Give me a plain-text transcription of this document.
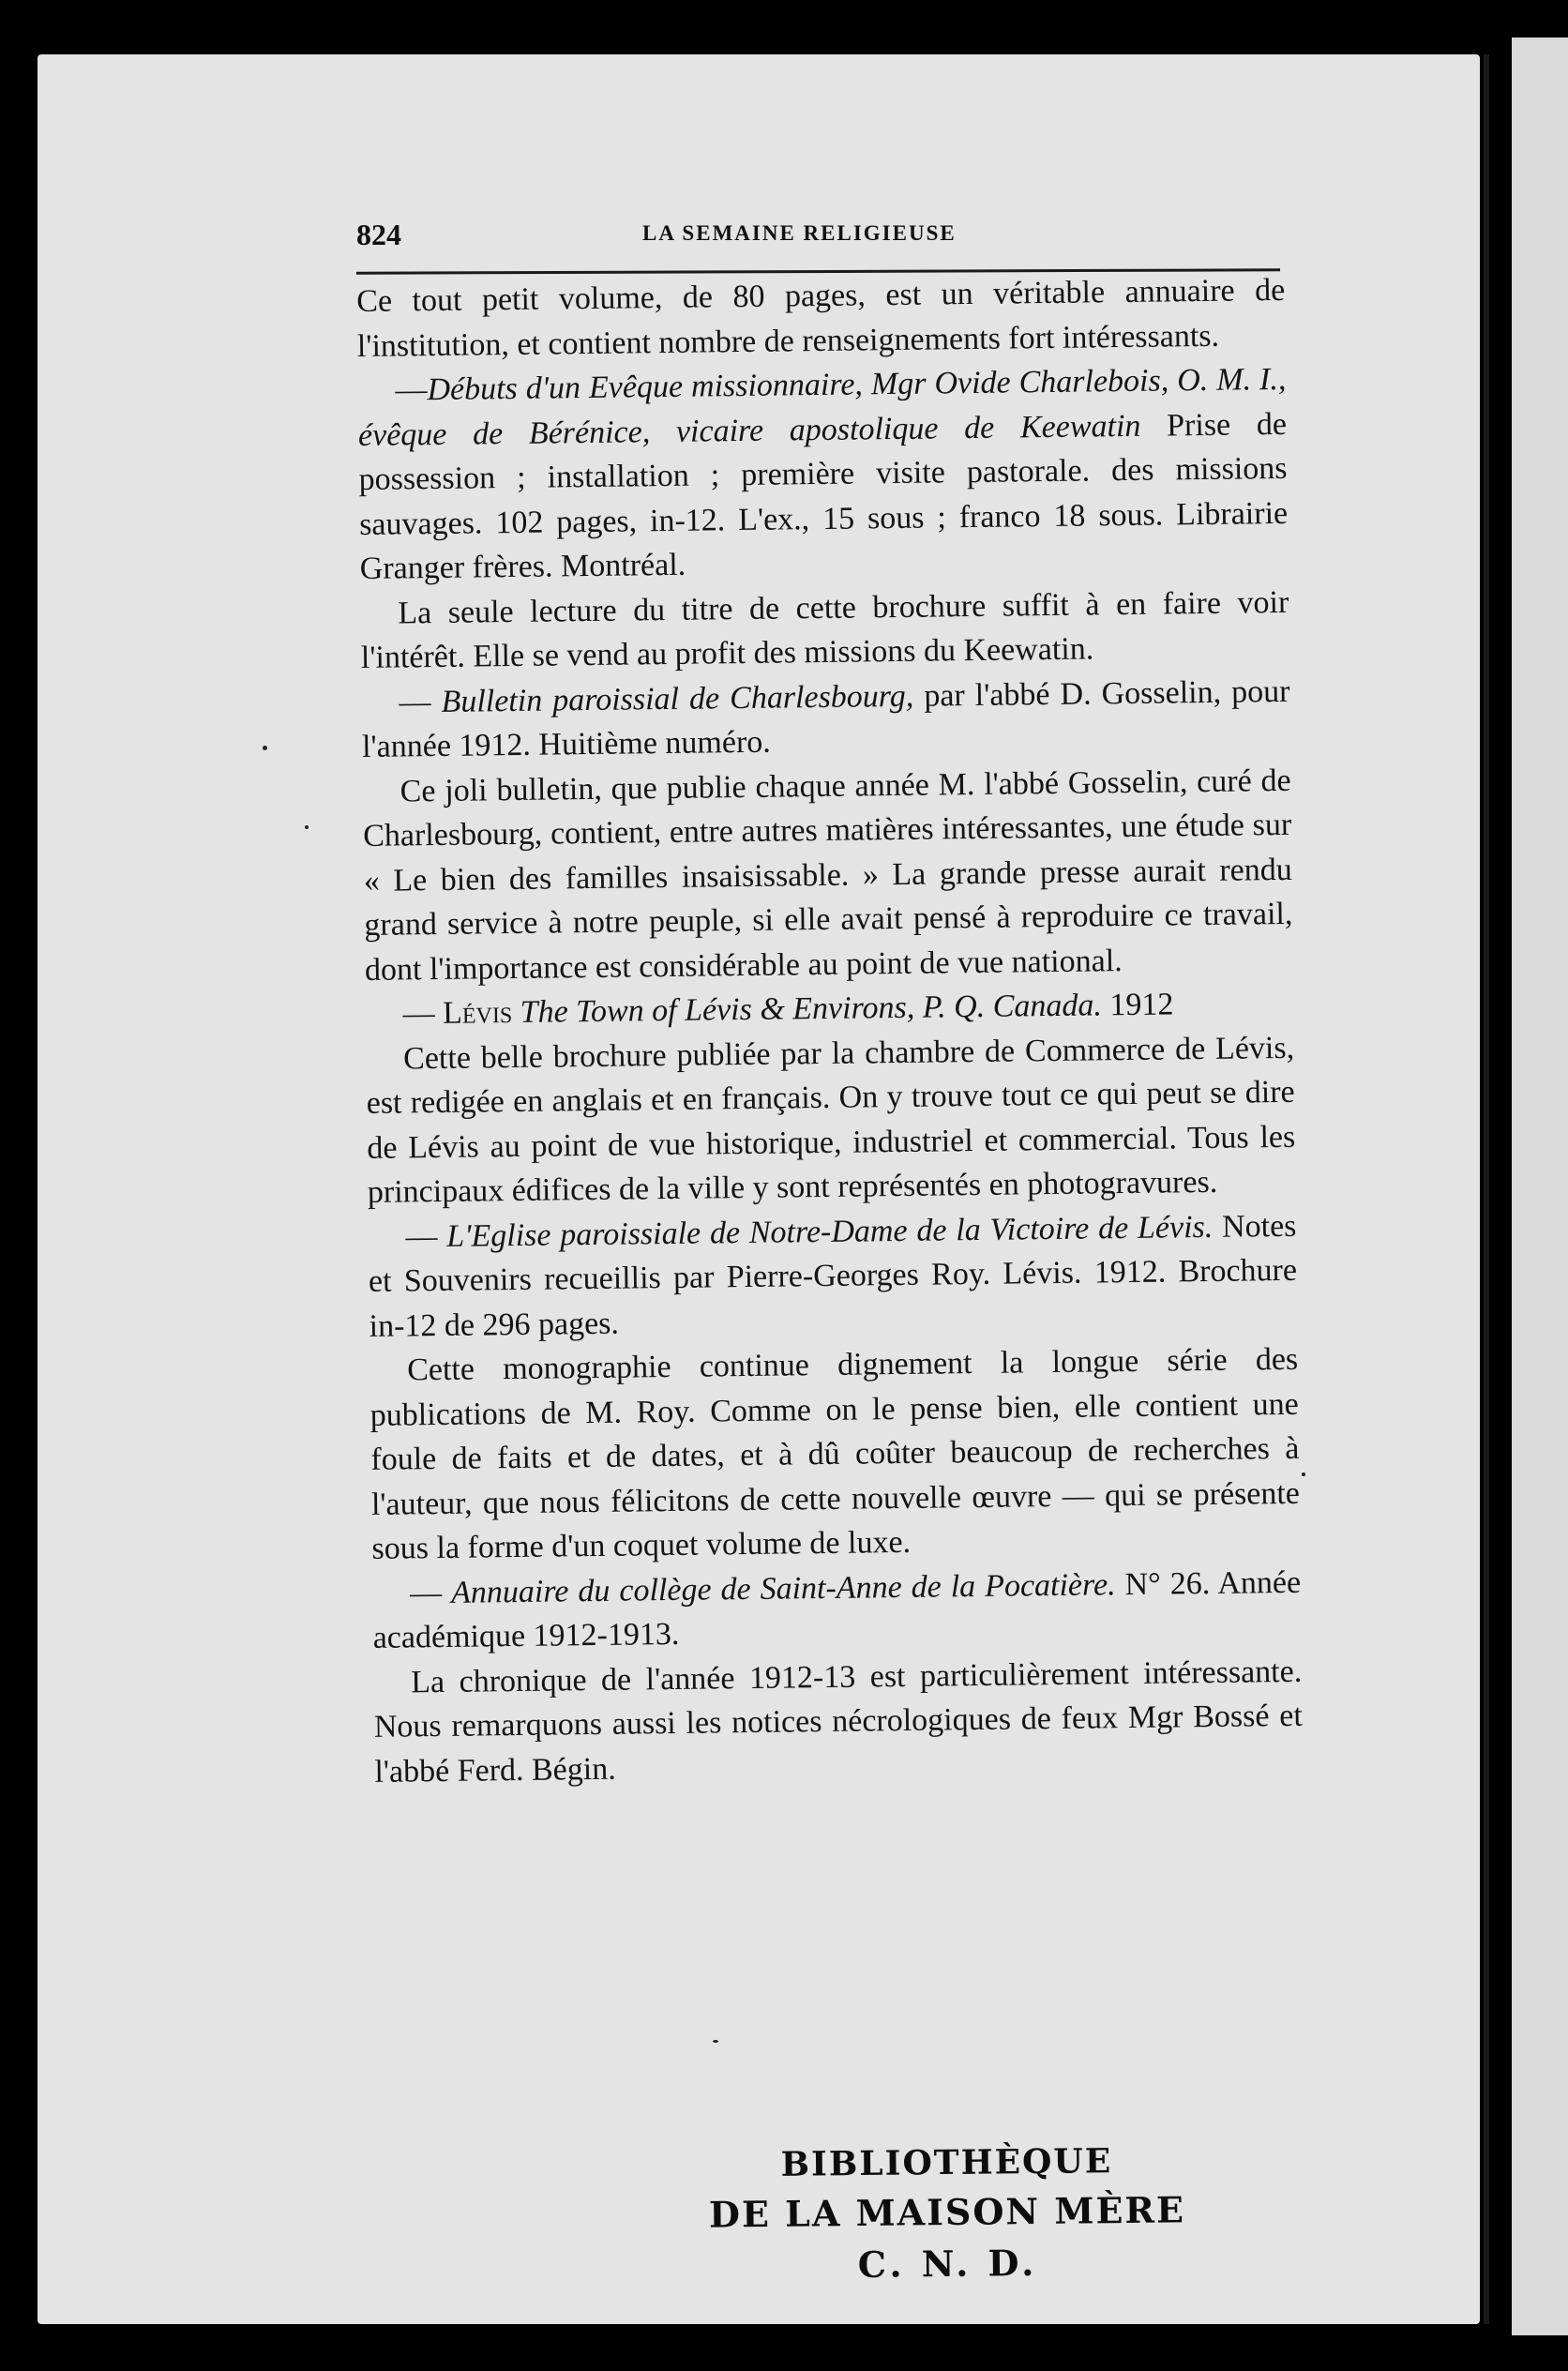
824	LA SEMAINE RELIGIEUSE

Ce tout petit volume, de 80 pages, est un véritable annuaire de l'institution, et contient nombre de renseignements fort intéressants.

—Débuts d'un Evêque missionnaire, Mgr Ovide Charlebois, O. M. I., évêque de Bérénice, vicaire apostolique de Keewatin Prise de possession ; installation ; première visite pastorale. des missions sauvages. 102 pages, in-12. L'ex., 15 sous ; franco 18 sous. Librairie Granger frères. Montréal.

La seule lecture du titre de cette brochure suffit à en faire voir l'intérêt. Elle se vend au profit des missions du Keewatin.

— Bulletin paroissial de Charlesbourg, par l'abbé D. Gosselin, pour l'année 1912. Huitième numéro.

Ce joli bulletin, que publie chaque année M. l'abbé Gosselin, curé de Charlesbourg, contient, entre autres matières intéressantes, une étude sur « Le bien des familles insaisissable. » La grande presse aurait rendu grand service à notre peuple, si elle avait pensé à reproduire ce travail, dont l'importance est considérable au point de vue national.

— Lévis The Town of Lévis & Environs, P. Q. Canada. 1912

Cette belle brochure publiée par la chambre de Commerce de Lévis, est redigée en anglais et en français. On y trouve tout ce qui peut se dire de Lévis au point de vue historique, industriel et commercial. Tous les principaux édifices de la ville y sont représentés en photogravures.

— L'Eglise paroissiale de Notre-Dame de la Victoire de Lévis. Notes et Souvenirs recueillis par Pierre-Georges Roy. Lévis. 1912. Brochure in-12 de 296 pages.

Cette monographie continue dignement la longue série des publications de M. Roy. Comme on le pense bien, elle contient une foule de faits et de dates, et à dû coûter beaucoup de recherches à l'auteur, que nous félicitons de cette nouvelle œuvre — qui se présente sous la forme d'un coquet volume de luxe.

— Annuaire du collège de Saint-Anne de la Pocatière. N° 26. Année académique 1912-1913.

La chronique de l'année 1912-13 est particulièrement intéressante. Nous remarquons aussi les notices nécrologiques de feux Mgr Bossé et l'abbé Ferd. Bégin.

BIBLIOTHÈQUE
DE LA MAISON MÈRE
C. N. D.
